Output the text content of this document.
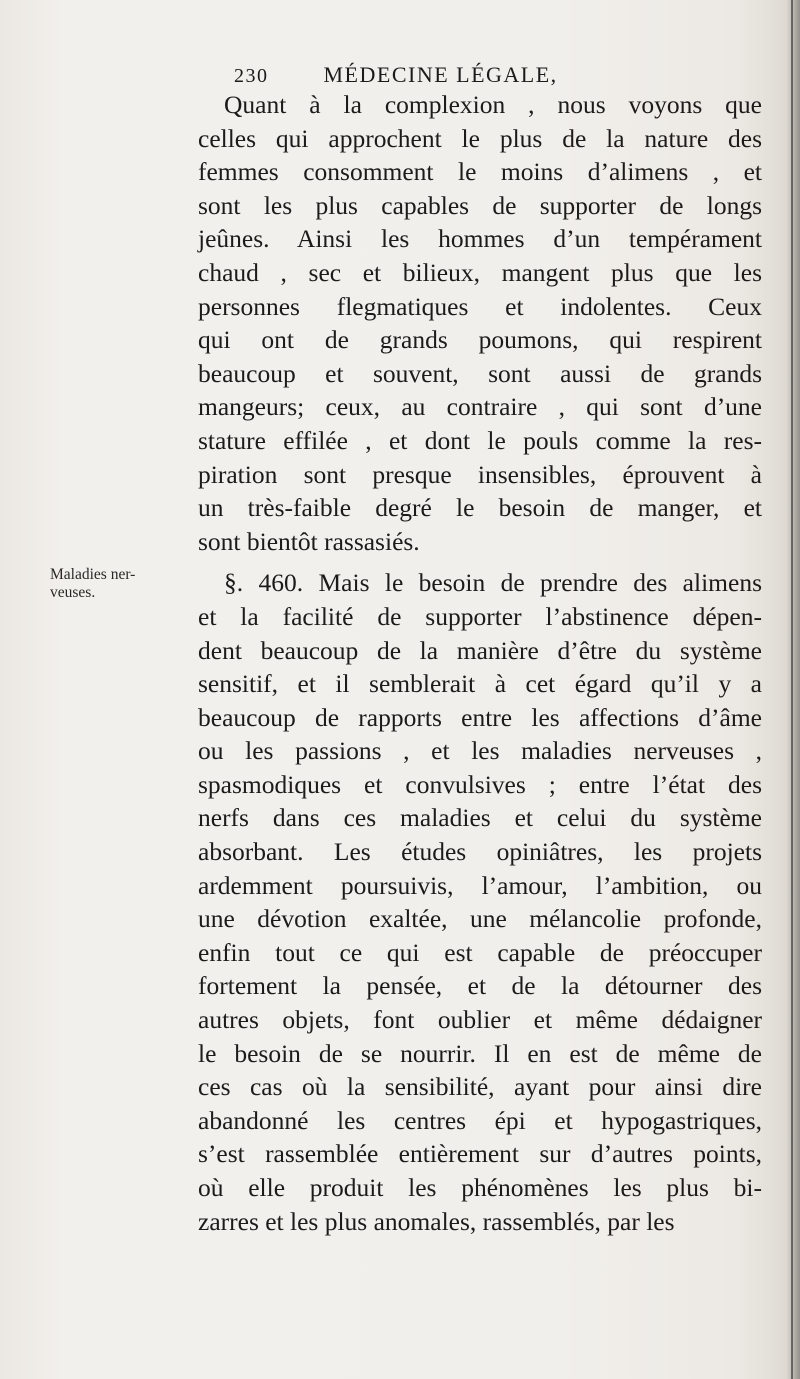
230	MÉDECINE LÉGALE,
Maladies ner-
veuses.
Quant à la complexion , nous voyons que
celles qui approchent le plus de la nature des
femmes consomment le moins d’alimens , et
sont les plus capables de supporter de longs
jeûnes. Ainsi les hommes d’un tempérament
chaud , sec et bilieux, mangent plus que les
personnes flegmatiques et indolentes. Ceux
qui ont de grands poumons, qui respirent
beaucoup et souvent, sont aussi de grands
mangeurs; ceux, au contraire , qui sont d’une
stature effilée , et dont le pouls comme la res-
piration sont presque insensibles, éprouvent à
un très-faible degré le besoin de manger, et
sont bientôt rassasiés.
§. 460. Mais le besoin de prendre des alimens
et la facilité de supporter l’abstinence dépen-
dent beaucoup de la manière d’être du système
sensitif, et il semblerait à cet égard qu’il y a
beaucoup de rapports entre les affections d’âme
ou les passions , et les maladies nerveuses ,
spasmodiques et convulsives ; entre l’état des
nerfs dans ces maladies et celui du système
absorbant. Les études opiniâtres, les projets
ardemment poursuivis, l’amour, l’ambition, ou
une dévotion exaltée, une mélancolie profonde,
enfin tout ce qui est capable de préoccuper
fortement la pensée, et de la détourner des
autres objets, font oublier et même dédaigner
le besoin de se nourrir. Il en est de même de
ces cas où la sensibilité, ayant pour ainsi dire
abandonné les centres épi et hypogastriques,
s’est rassemblée entièrement sur d’autres points,
où elle produit les phénomènes les plus bi-
zarres et les plus anomales, rassemblés, par les
